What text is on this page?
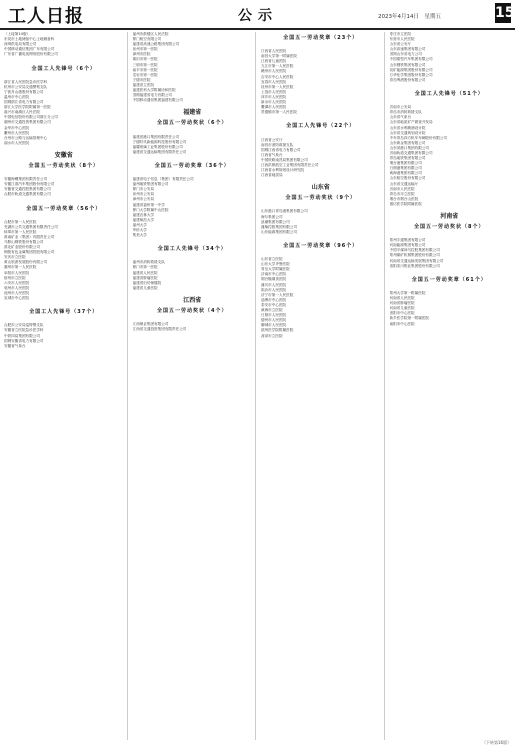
工人日报	公示	2023年4月14日　星期五	15
（上接第14版）
东莞市土地储备中心土地储备科
深圳供电局有限公司
中国移动通信集团广东有限公司
广东省广播电视网络股份有限公司
全国工人先锋号（6个）
浙江省人民医院急诊医学科
杭州市公安局交通警察支队
宁波舟山港股份有限公司
温州市中心医院
国网浙江省电力有限公司
浙江大学医学院附属第一医院
嘉兴市南湖区人民法院
中国电信股份有限公司浙江分公司
湖州市交通投资集团有限公司
金华市中心医院
衢州市人民医院
台州市公路与运输管理中心
丽水市人民医院
安徽省
全国五一劳动奖状（8个）
安徽海螺集团有限责任公司
安徽江淮汽车集团股份有限公司
安徽省交通控股集团有限公司
合肥市轨道交通集团有限公司
全国五一劳动奖章（56个）
合肥市第一人民医院
芜湖市公共交通集团有限责任公司
蚌埠市第一人民医院
淮南矿业（集团）有限责任公司
马鞍山钢铁股份有限公司
淮北矿业股份有限公司
铜陵有色金属集团控股有限公司
安庆市立医院
黄山旅游发展股份有限公司
滁州市第一人民医院
阜阳市人民医院
宿州市立医院
六安市人民医院
亳州市人民医院
池州市人民医院
宣城市中心医院
全国工人先锋号（37个）
合肥市公安局巡特警支队
安徽省立医院急诊医学科
中铁四局集团有限公司
国网安徽省电力有限公司
安徽省气象台
福州市鼓楼区人民法院
厦门航空有限公司
福建省高速公路集团有限公司
泉州市第一医院
漳州市医院
莆田市第一医院
三明市第一医院
南平市第一医院
龙岩市第一医院
宁德市医院
福建省立医院
福建医科大学附属协和医院
国网福建省电力有限公司
中国移动通信集团福建有限公司
福建省
全国五一劳动奖状（6个）
福建省港口集团有限责任公司
宁德时代新能源科技股份有限公司
福耀玻璃工业集团股份有限公司
福建省交通运输集团有限责任公司
全国五一劳动奖章（36个）
福建省电子信息（集团）有限责任公司
福州地铁集团有限公司
厦门市公安局
泉州市公安局
漳州市公安局
福建省福州第一中学
厦门大学附属中山医院
福建农林大学
福建师范大学
福州大学
华侨大学
集美大学
全国工人先锋号（34个）
福州市消防救援支队
厦门市第一医院
福建省人民医院
福建省肿瘤医院
福建省妇幼保健院
福建省儿童医院
江西省
全国五一劳动奖状（4个）
江西铜业集团有限公司
江西省交通投资集团有限责任公司
全国五一劳动奖章（23个）
江西省人民医院
南昌大学第一附属医院
江西省儿童医院
九江市第一人民医院
赣州市人民医院
吉安市中心人民医院
宜春市人民医院
抚州市第一人民医院
上饶市人民医院
萍乡市人民医院
新余市人民医院
鹰潭市人民医院
景德镇市第一人民医院
全国工人先锋号（22个）
江西省公安厅
南昌市消防救援支队
国网江西省电力有限公司
江西省气象台
中国铁路南昌局集团有限公司
江西洪都航空工业集团有限责任公司
江西省水利规划设计研究院
江西省地质局
山东省
全国五一劳动奖状（9个）
山东港口青岛港集团有限公司
海尔集团公司
浪潮集团有限公司
潍柴控股集团有限公司
山东能源集团有限公司
全国五一劳动奖章（96个）
山东省立医院
山东大学齐鲁医院
青岛大学附属医院
济南市中心医院
烟台毓璜顶医院
潍坊市人民医院
临沂市人民医院
济宁市第一人民医院
淄博市中心医院
泰安市中心医院
威海市立医院
日照市人民医院
德州市人民医院
聊城市人民医院
滨州医学院附属医院
菏泽市立医院
枣庄市立医院
东营市人民医院
山东省公安厅
山东高速集团有限公司
国网山东省电力公司
中国重型汽车集团有限公司
山东钢铁集团有限公司
兖矿能源集团股份有限公司
万华化学集团股份有限公司
青岛啤酒股份有限公司
全国工人先锋号（51个）
济南市公安局
青岛市消防救援支队
山东省气象台
山东省地质矿产勘查开发局
山东省水利勘测设计院
山东省交通规划设计院
中车青岛四方机车车辆股份有限公司
山东黄金集团有限公司
山东省港口集团有限公司
济南轨道交通集团有限公司
青岛地铁集团有限公司
烟台港集团有限公司
日照港集团有限公司
威海港集团有限公司
山东航空股份有限公司
山东省交通运输厅
济南市人民医院
青岛市市立医院
烟台市烟台山医院
潍坊医学院附属医院
河南省
全国五一劳动奖状（8个）
郑州宇通集团有限公司
河南能源集团有限公司
中国平煤神马控股集团有限公司
郑州煤矿机械集团股份有限公司
河南省交通运输发展集团有限公司
洛阳栾川钼业集团股份有限公司
全国五一劳动奖章（61个）
郑州大学第一附属医院
河南省人民医院
河南省肿瘤医院
河南省儿童医院
洛阳市中心医院
新乡医学院第一附属医院
南阳市中心医院
（下转第16版）
